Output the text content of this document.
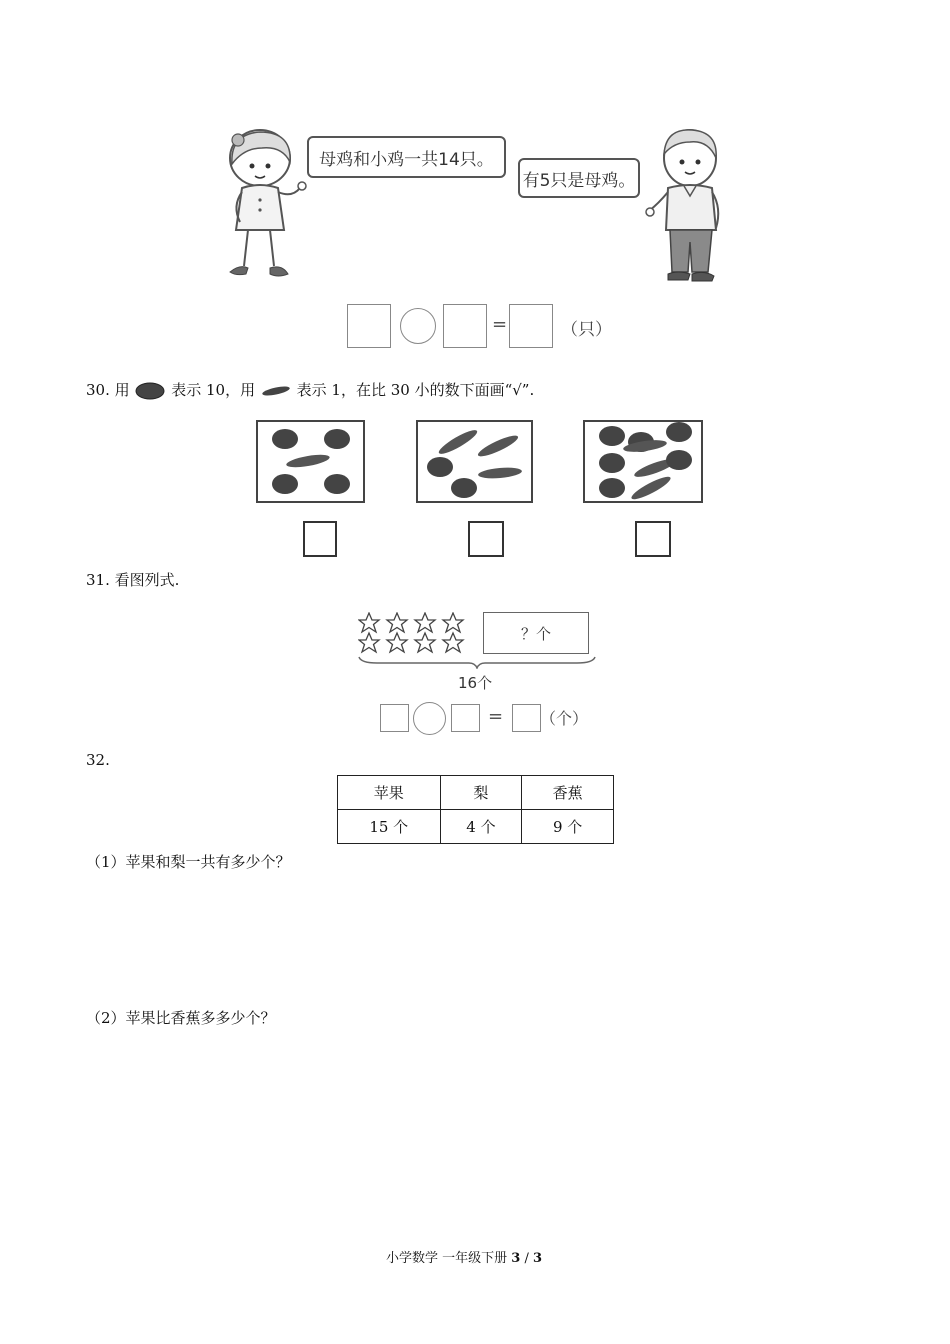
母鸡和小鸡一共14只。
有5只是母鸡。
=	（只）
30. 用	表示 10，用	表示 1，在比 30 小的数下面画“√”.
31. 看图列式.
？个
16个
= （个）
32.
苹果	梨	香蕉
15 个	4 个	9 个
（1）苹果和梨一共有多少个？
（2）苹果比香蕉多多少个？
小学数学 一年级下册 3 / 3
